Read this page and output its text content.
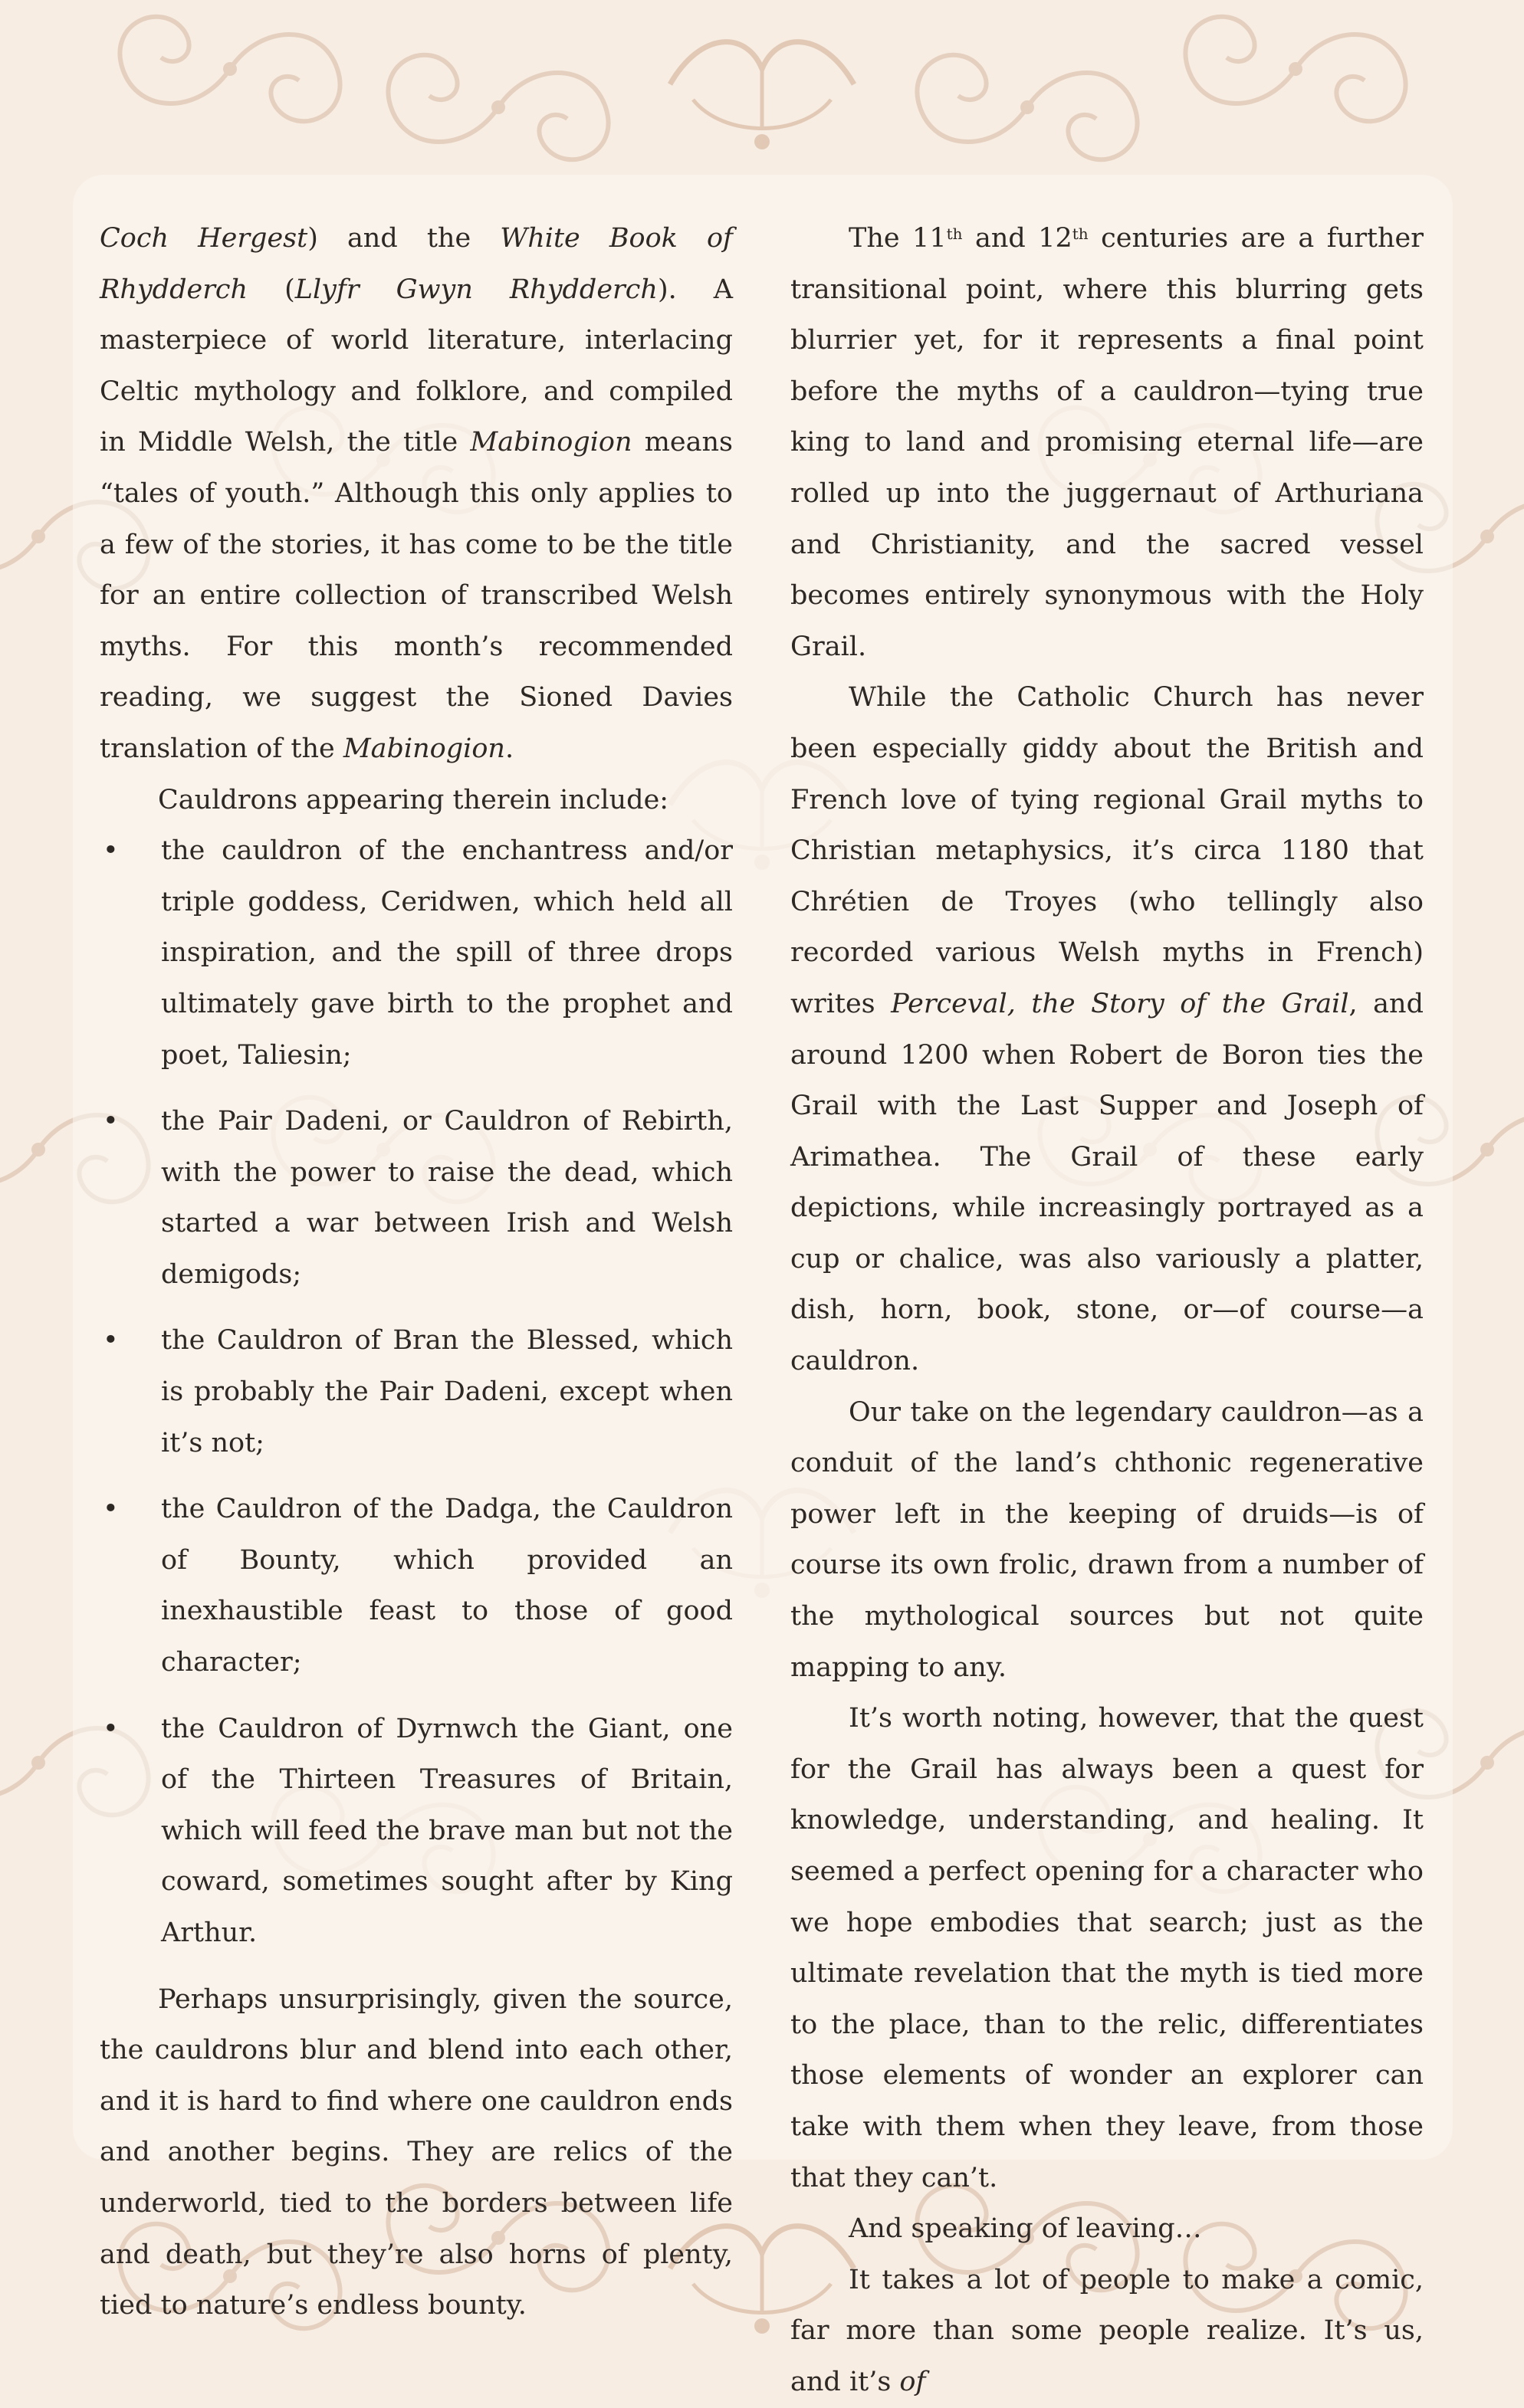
Coch Hergest) and the White Book of Rhydderch (Llyfr Gwyn Rhydderch). A masterpiece of world literature, interlacing Celtic mythology and folklore, and compiled in Middle Welsh, the title Mabinogion means “tales of youth.” Although this only applies to a few of the stories, it has come to be the title for an entire collection of transcribed Welsh myths. For this month’s recommended reading, we suggest the Sioned Davies translation of the Mabinogion.

Cauldrons appearing therein include:

• the cauldron of the enchantress and/or triple goddess, Ceridwen, which held all inspiration, and the spill of three drops ultimately gave birth to the prophet and poet, Taliesin;
• the Pair Dadeni, or Cauldron of Rebirth, with the power to raise the dead, which started a war between Irish and Welsh demigods;
• the Cauldron of Bran the Blessed, which is probably the Pair Dadeni, except when it’s not;
• the Cauldron of the Dadga, the Cauldron of Bounty, which provided an inexhaustible feast to those of good character;
• the Cauldron of Dyrnwch the Giant, one of the Thirteen Treasures of Britain, which will feed the brave man but not the coward, sometimes sought after by King Arthur.

Perhaps unsurprisingly, given the source, the cauldrons blur and blend into each other, and it is hard to find where one cauldron ends and another begins. They are relics of the underworld, tied to the borders between life and death, but they’re also horns of plenty, tied to nature’s endless bounty.

The 11th and 12th centuries are a further transitional point, where this blurring gets blurrier yet, for it represents a final point before the myths of a cauldron—tying true king to land and promising eternal life—are rolled up into the juggernaut of Arthuriana and Christianity, and the sacred vessel becomes entirely synonymous with the Holy Grail.

While the Catholic Church has never been especially giddy about the British and French love of tying regional Grail myths to Christian metaphysics, it’s circa 1180 that Chrétien de Troyes (who tellingly also recorded various Welsh myths in French) writes Perceval, the Story of the Grail, and around 1200 when Robert de Boron ties the Grail with the Last Supper and Joseph of Arimathea. The Grail of these early depictions, while increasingly portrayed as a cup or chalice, was also variously a platter, dish, horn, book, stone, or—of course—a cauldron.

Our take on the legendary cauldron—as a conduit of the land’s chthonic regenerative power left in the keeping of druids—is of course its own frolic, drawn from a number of the mythological sources but not quite mapping to any.

It’s worth noting, however, that the quest for the Grail has always been a quest for knowledge, understanding, and healing. It seemed a perfect opening for a character who we hope embodies that search; just as the ultimate revelation that the myth is tied more to the place, than to the relic, differentiates those elements of wonder an explorer can take with them when they leave, from those that they can’t.

And speaking of leaving…

It takes a lot of people to make a comic, far more than some people realize. It’s us, and it’s of
